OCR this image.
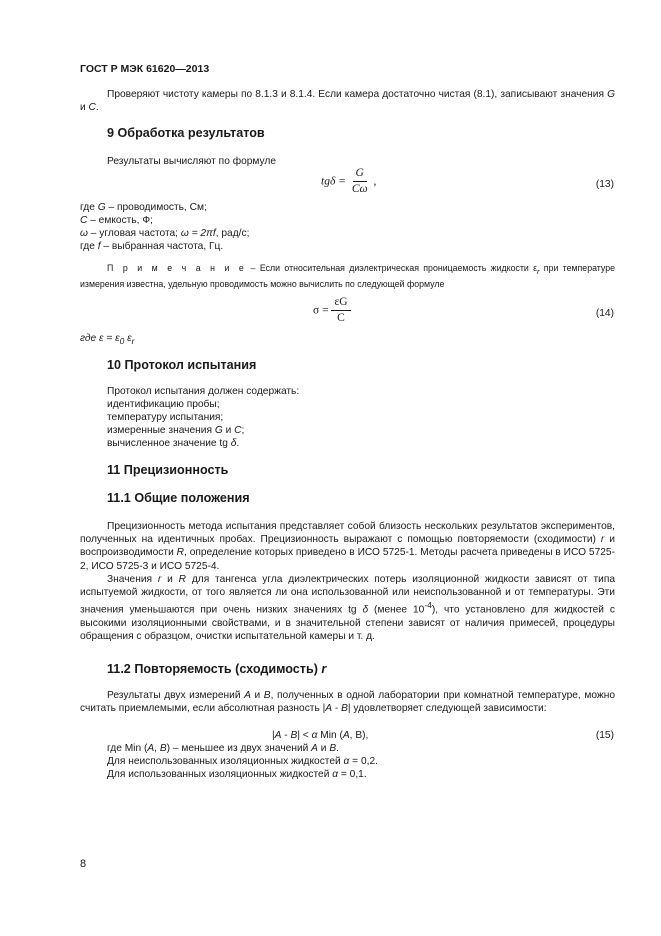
ГОСТ Р МЭК 61620—2013
Проверяют чистоту камеры по 8.1.3 и 8.1.4. Если камера достаточно чистая (8.1), записывают значения G и C.
9 Обработка результатов
Результаты вычисляют по формуле
$tg\delta = \frac{G}{C\omega}$ ,	(13)
где G – проводимость, См;
C – емкость, Ф;
ω – угловая частота; ω = 2πf, рад/с;
где f – выбранная частота, Гц.
П р и м е ч а н и е – Если относительная диэлектрическая проницаемость жидкости $\varepsilon_r$ при температуре измерения известна, удельную проводимость можно вычислить по следующей формуле
$\sigma = \frac{\varepsilon G}{C}$	(14)
где $\varepsilon = \varepsilon_0$ $\varepsilon_r$
10 Протокол испытания
Протокол испытания должен содержать:
идентификацию пробы;
температуру испытания;
измеренные значения G и C;
вычисленное значение tg δ.
11 Прецизионность
11.1 Общие положения
Прецизионность метода испытания представляет собой близость нескольких результатов экспериментов, полученных на идентичных пробах. Прецизионность выражают с помощью повторяемости (сходимости) r и воспроизводимости R, определение которых приведено в ИСО 5725-1. Методы расчета приведены в ИСО 5725-2, ИСО 5725-3 и ИСО 5725-4.
Значения r и R для тангенса угла диэлектрических потерь изоляционной жидкости зависят от типа испытуемой жидкости, от того является ли она использованной или неиспользованной и от температуры. Эти значения уменьшаются при очень низких значениях tg δ (менее $10^{-4}$), что установлено для жидкостей с высокими изоляционными свойствами, и в значительной степени зависят от наличия примесей, процедуры обращения с образцом, очистки испытательной камеры и т. д.
11.2 Повторяемость (сходимость) r
Результаты двух измерений A и B, полученных в одной лаборатории при комнатной температуре, можно считать приемлемыми, если абсолютная разность |A - B| удовлетворяет следующей зависимости:
|A - B| < α Min (A, B),	(15)
где Min (A, B) – меньшее из двух значений A и B.
Для неиспользованных изоляционных жидкостей α = 0,2.
Для использованных изоляционных жидкостей α = 0,1.
8
